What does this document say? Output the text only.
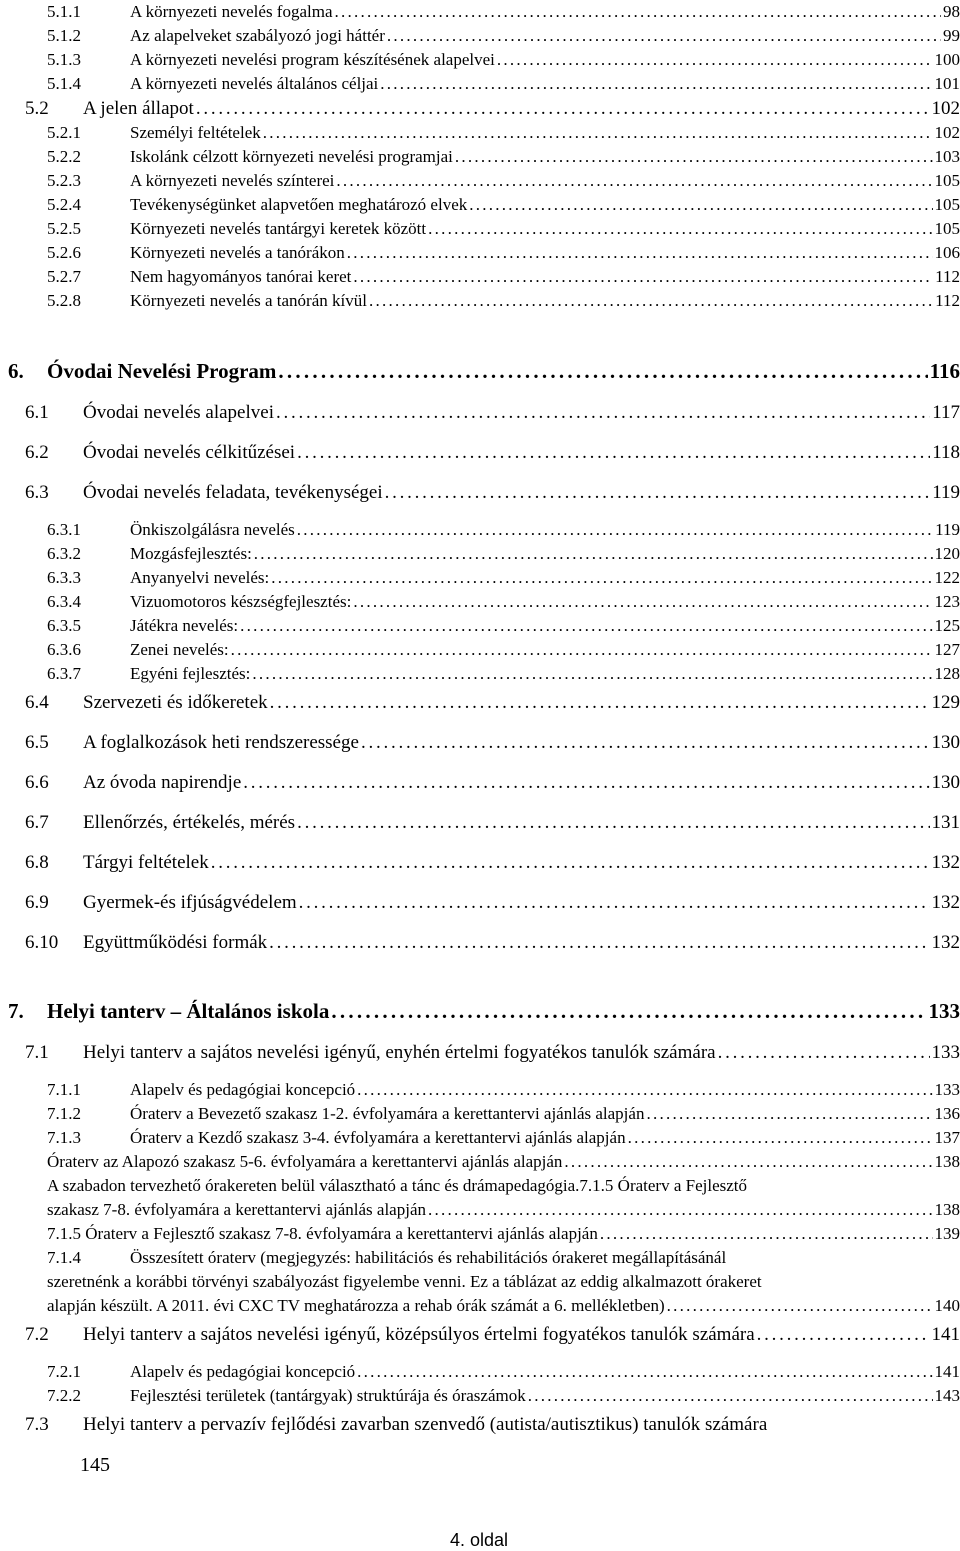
5.1.1	A környezeti nevelés fogalma	98
. . .
5.1.2	Az alapelveket szabályozó jogi háttér	99
. . .
5.1.3	A környezeti nevelési program készítésének alapelvei	100
. . .
5.1.4	A környezeti nevelés általános céljai	101
. . .
5.2 A jelen állapot	102
. . .
5.2.1	Személyi feltételek	102
. . .
5.2.2	Iskolánk célzott környezeti nevelési programjai	103
. . .
5.2.3	A környezeti nevelés színterei	105
. . .
5.2.4	Tevékenységünket alapvetően meghatározó elvek	105
. . .
5.2.5	Környezeti nevelés tantárgyi keretek között	105
. . .
5.2.6	Környezeti nevelés a tanórákon	106
. . .
5.2.7	Nem hagyományos tanórai keret	112
. . .
5.2.8	Környezeti nevelés a tanórán kívül	112
. . .
6. Óvodai Nevelési Program	116
. . .
6.1 Óvodai nevelés alapelvei	117
. . .
6.2 Óvodai nevelés célkitűzései	118
. . .
6.3 Óvodai nevelés feladata, tevékenységei	119
. . .
6.3.1	Önkiszolgálásra nevelés	119
. . .
6.3.2	Mozgásfejlesztés:	120
. . .
6.3.3	Anyanyelvi nevelés:	122
. . .
6.3.4	Vizuomotoros készségfejlesztés:	123
. . .
6.3.5	Játékra nevelés:	125
. . .
6.3.6	Zenei nevelés:	127
. . .
6.3.7	Egyéni fejlesztés:	128
. . .
6.4 Szervezeti és időkeretek	129
. . .
6.5 A foglalkozások heti rendszeressége	130
. . .
6.6 Az óvoda napirendje	130
. . .
6.7 Ellenőrzés, értékelés, mérés	131
. . .
6.8 Tárgyi feltételek	132
. . .
6.9 Gyermek-és ifjúságvédelem	132
. . .
6.10 Együttműködési formák	132
. . .
7. Helyi tanterv – Általános iskola	133
. . .
7.1 Helyi tanterv a sajátos nevelési igényű, enyhén értelmi fogyatékos tanulók számára	133
. . .
7.1.1	Alapelv és pedagógiai koncepció	133
. . .
7.1.2	Óraterv a Bevezető szakasz 1-2. évfolyamára a kerettantervi ajánlás alapján	136
. . .
7.1.3	Óraterv a Kezdő szakasz 3-4. évfolyamára a kerettantervi ajánlás alapján	137
. . .
Óraterv az Alapozó szakasz 5-6. évfolyamára a kerettantervi ajánlás alapján	138
. . .
A szabadon tervezhető órakereten belül választható a tánc és drámapedagógia.7.1.5 Óraterv a Fejlesztő
szakasz 7-8. évfolyamára a kerettantervi ajánlás alapján	138
. . .
7.1.5 Óraterv a Fejlesztő szakasz 7-8. évfolyamára a kerettantervi ajánlás alapján	139
. . .
7.1.4	Összesített óraterv (megjegyzés: habilitációs és rehabilitációs órakeret megállapításánál
szeretnénk a korábbi törvényi szabályozást figyelembe venni. Ez a táblázat az eddig alkalmazott órakeret
alapján készült. A 2011. évi CXC TV meghatározza a rehab órák számát a 6. mellékletben)	140
. . .
7.2 Helyi tanterv a sajátos nevelési igényű, középsúlyos értelmi fogyatékos tanulók számára	141
. . .
7.2.1	Alapelv és pedagógiai koncepció	141
. . .
7.2.2	Fejlesztési területek (tantárgyak) struktúrája és óraszámok	143
. . .
7.3 Helyi tanterv a pervazív fejlődési zavarban szenvedő (autista/autisztikus) tanulók számára
145
4. oldal
